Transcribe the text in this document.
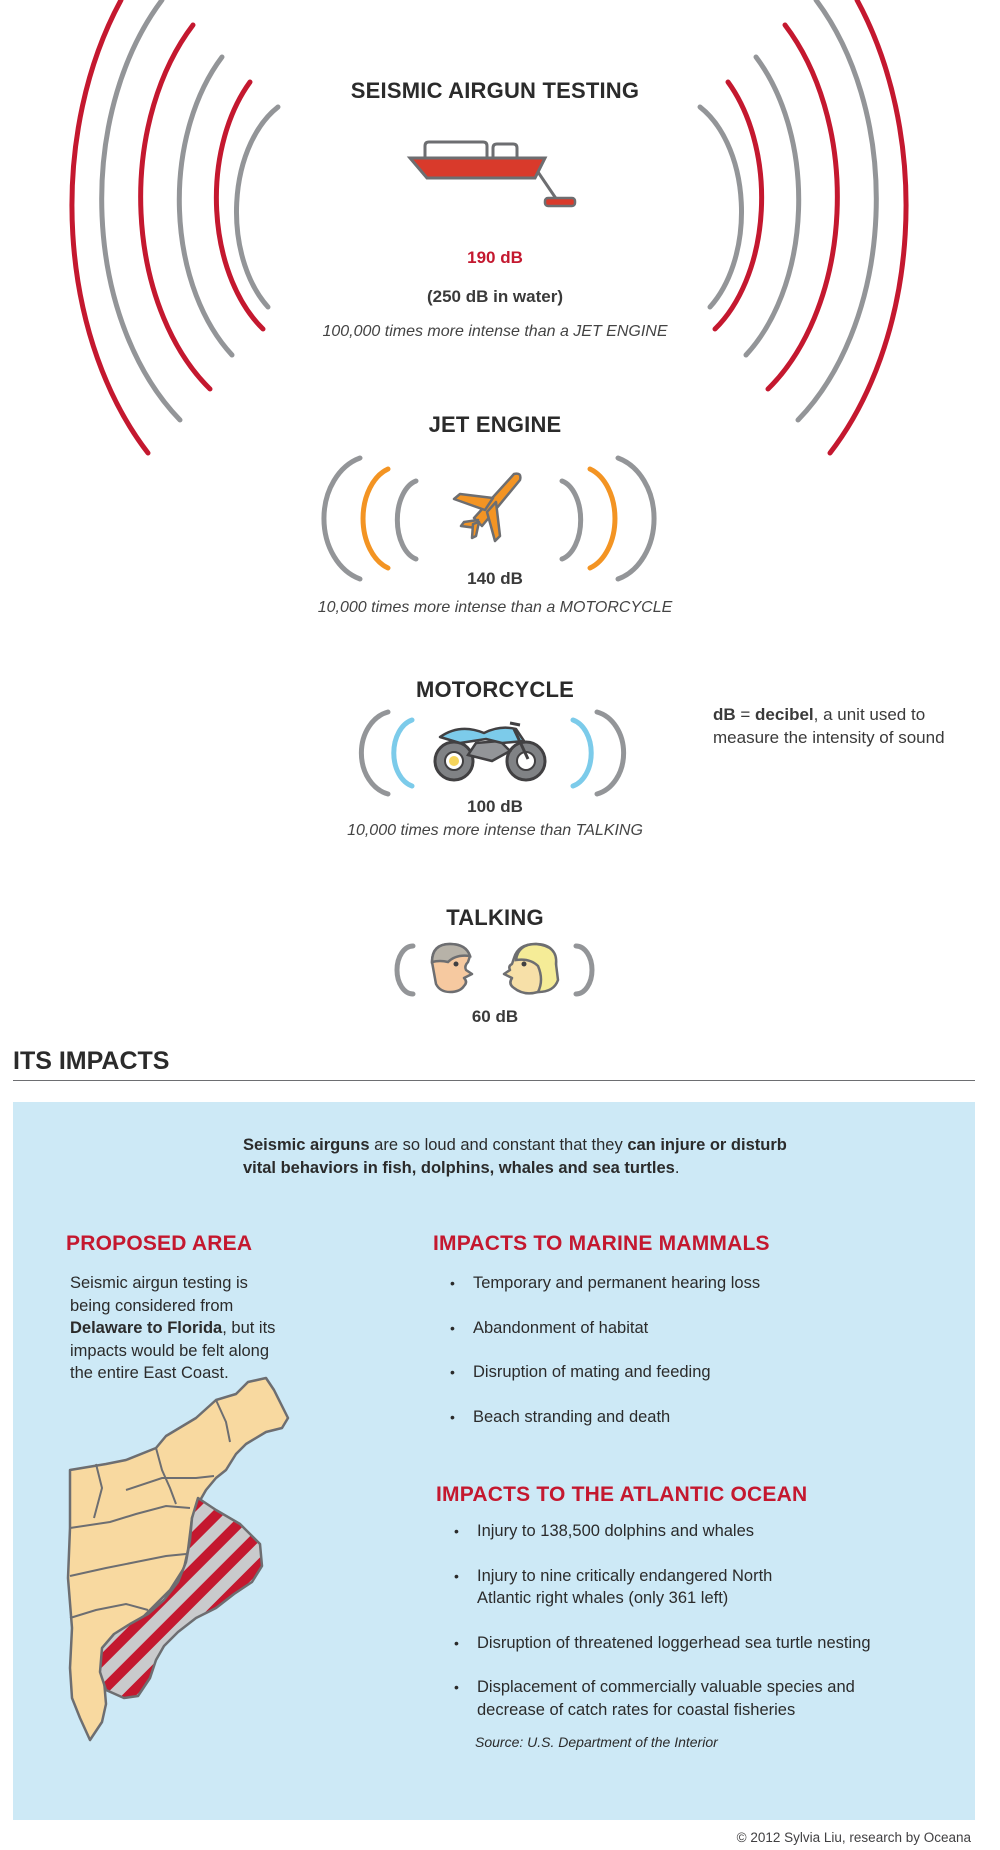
SEISMIC AIRGUN TESTING
190 dB
(250 dB in water)
100,000 times more intense than a JET ENGINE
JET ENGINE
140 dB
10,000 times more intense than a MOTORCYCLE
MOTORCYCLE
100 dB
10,000 times more intense than TALKING
dB = decibel, a unit used to measure the intensity of sound
TALKING
60 dB
ITS IMPACTS
Seismic airguns are so loud and constant that they can injure or disturb vital behaviors in fish, dolphins, whales and sea turtles.
PROPOSED AREA
Seismic airgun testing is being considered from Delaware to Florida, but its impacts would be felt along the entire East Coast.
IMPACTS TO MARINE MAMMALS
• Temporary and permanent hearing loss
• Abandonment of habitat
• Disruption of mating and feeding
• Beach stranding and death
IMPACTS TO THE ATLANTIC OCEAN
• Injury to 138,500 dolphins and whales
• Injury to nine critically endangered North Atlantic right whales (only 361 left)
• Disruption of threatened loggerhead sea turtle nesting
• Displacement of commercially valuable species and decrease of catch rates for coastal fisheries
Source: U.S. Department of the Interior
© 2012 Sylvia Liu, research by Oceana
